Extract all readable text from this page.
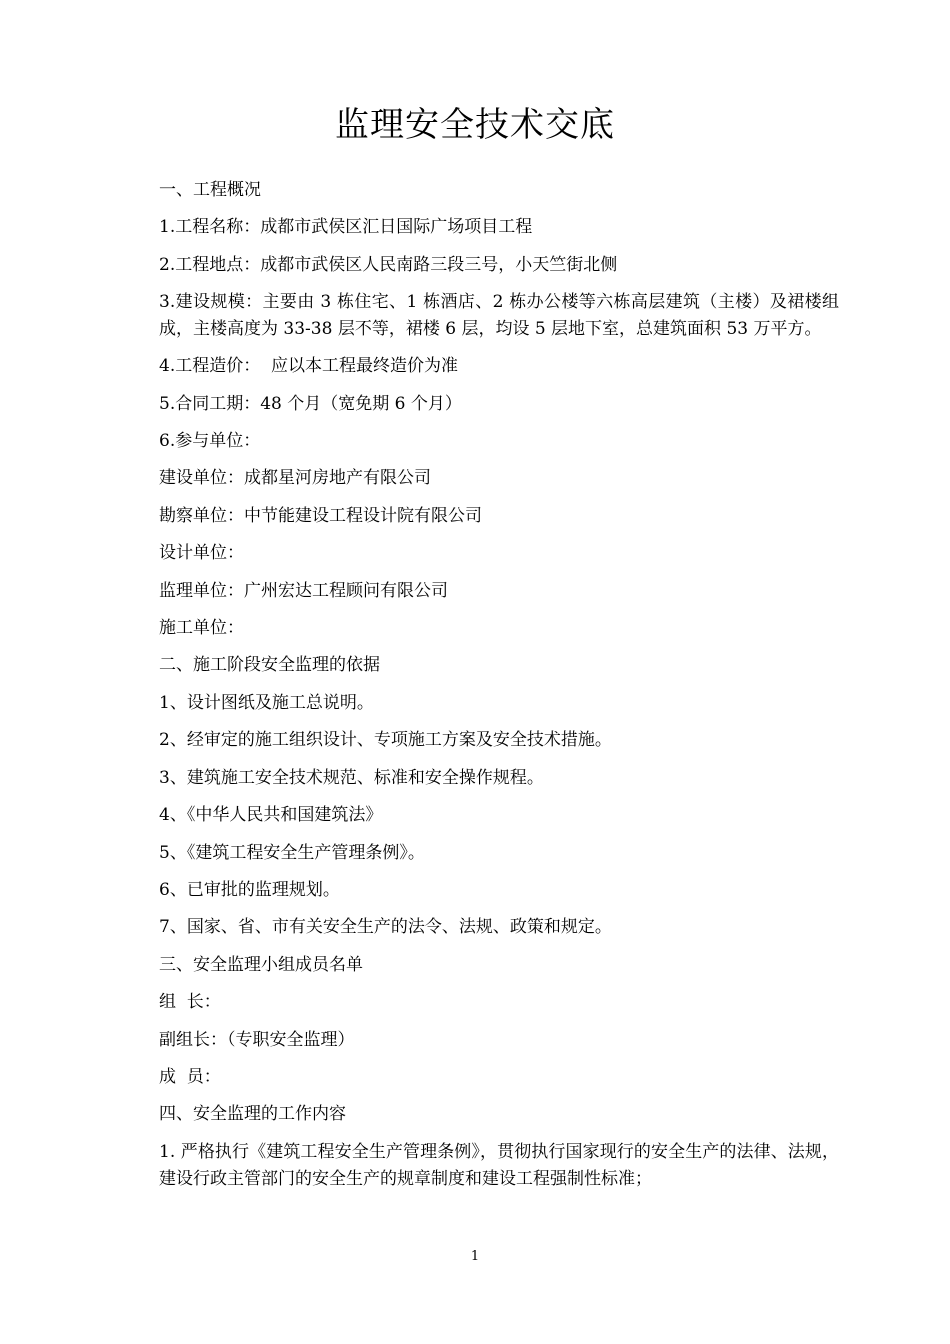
监理安全技术交底

一、工程概况

1.工程名称：成都市武侯区汇日国际广场项目工程

2.工程地点：成都市武侯区人民南路三段三号，小天竺街北侧

3.建设规模：主要由 3 栋住宅、1 栋酒店、2 栋办公楼等六栋高层建筑（主楼）及裙楼组成，主楼高度为 33-38 层不等，裙楼 6 层，均设 5 层地下室，总建筑面积 53 万平方。

4.工程造价：  应以本工程最终造价为准

5.合同工期：48 个月（宽免期 6 个月）

6.参与单位：

建设单位：成都星河房地产有限公司

勘察单位：中节能建设工程设计院有限公司

设计单位：

监理单位：广州宏达工程顾问有限公司

施工单位：

二、施工阶段安全监理的依据

1、设计图纸及施工总说明。

2、经审定的施工组织设计、专项施工方案及安全技术措施。

3、建筑施工安全技术规范、标准和安全操作规程。

4、《中华人民共和国建筑法》

5、《建筑工程安全生产管理条例》。

6、已审批的监理规划。

7、国家、省、市有关安全生产的法令、法规、政策和规定。

三、安全监理小组成员名单

组  长：

副组长：（专职安全监理）

成  员：

四、安全监理的工作内容

1. 严格执行《建筑工程安全生产管理条例》，贯彻执行国家现行的安全生产的法律、法规，建设行政主管部门的安全生产的规章制度和建设工程强制性标准；

1
